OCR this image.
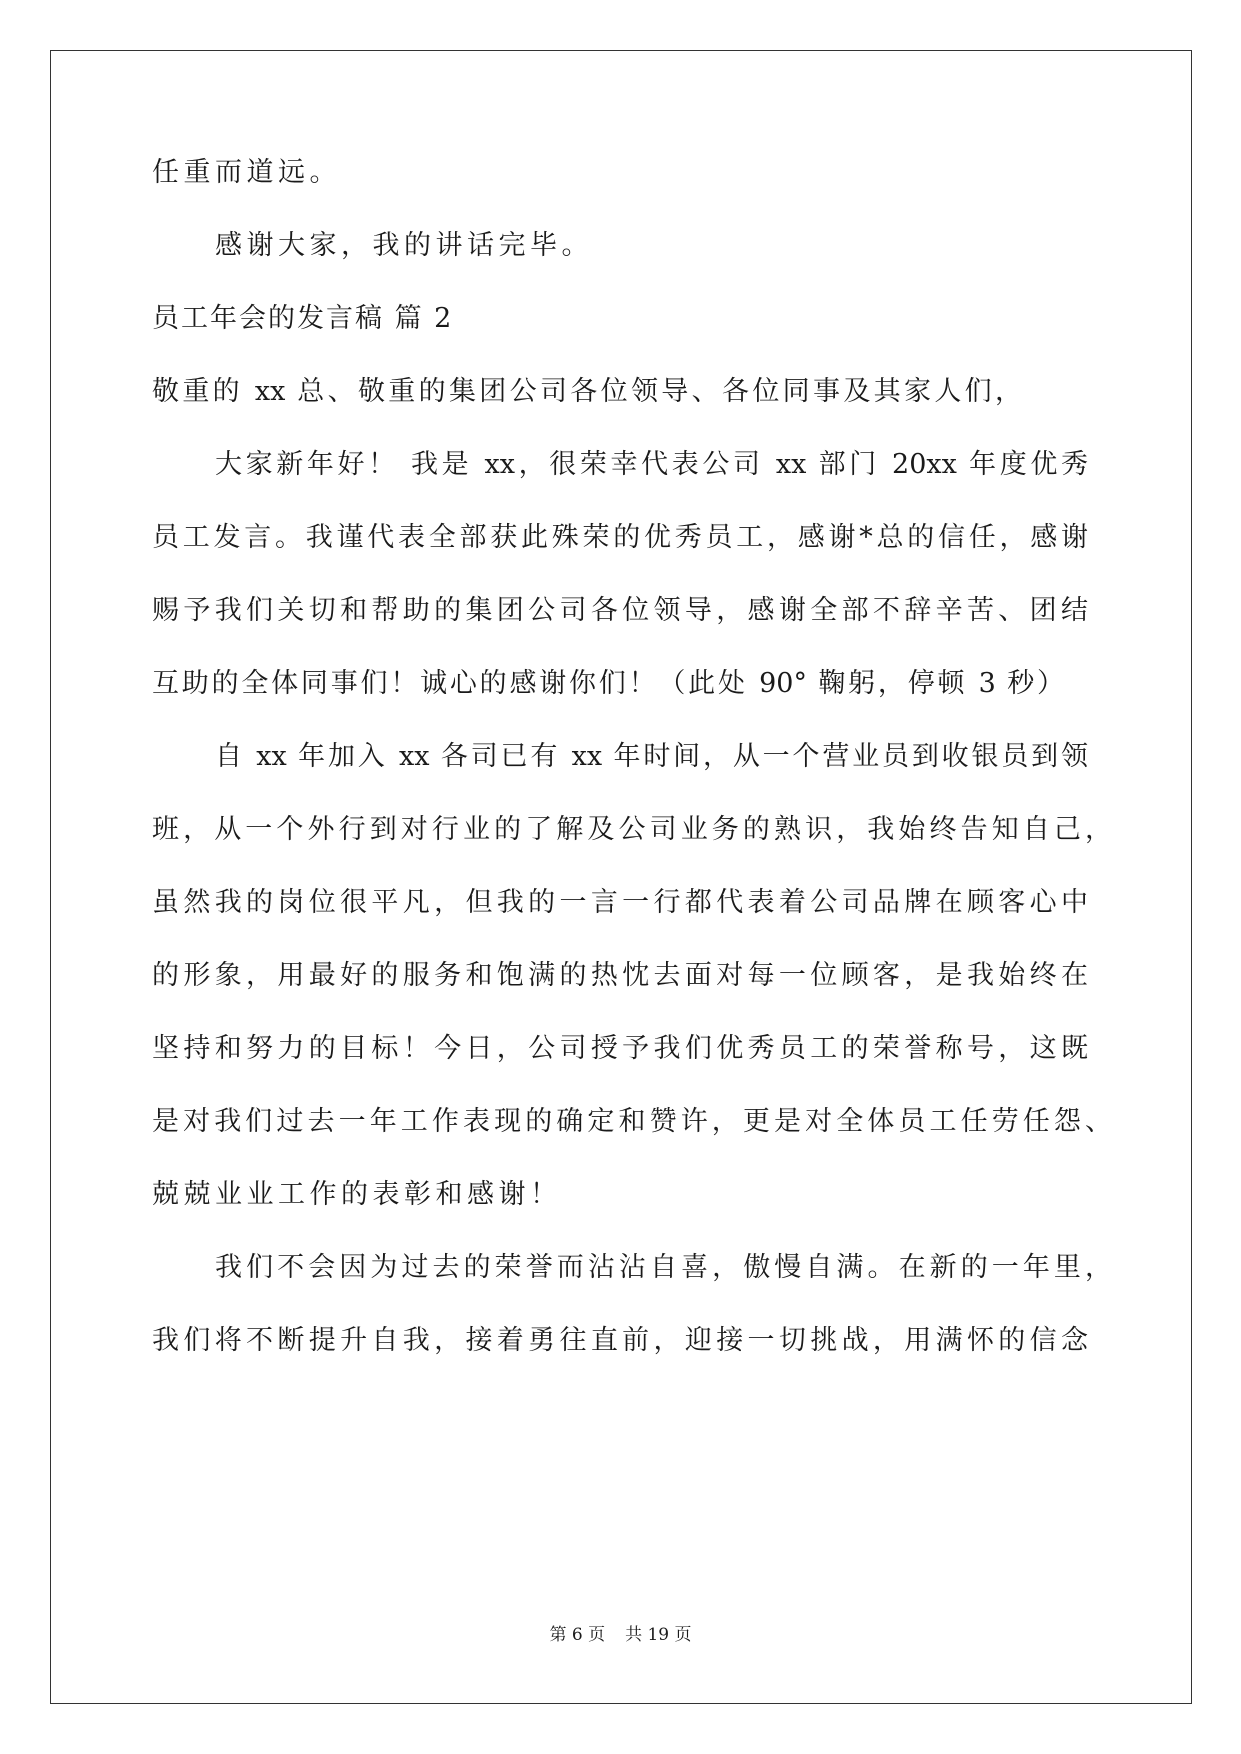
任重而道远。
感谢大家，我的讲话完毕。
员工年会的发言稿 篇 2
敬重的 xx 总、敬重的集团公司各位领导、各位同事及其家人们，
大家新年好！ 我是 xx，很荣幸代表公司 xx 部门 20xx 年度优秀
员工发言。我谨代表全部获此殊荣的优秀员工，感谢*总的信任，感谢
赐予我们关切和帮助的集团公司各位领导，感谢全部不辞辛苦、团结
互助的全体同事们！诚心的感谢你们！（此处 90° 鞠躬，停顿 3 秒）
自 xx 年加入 xx 各司已有 xx 年时间，从一个营业员到收银员到领
班，从一个外行到对行业的了解及公司业务的熟识，我始终告知自己，
虽然我的岗位很平凡，但我的一言一行都代表着公司品牌在顾客心中
的形象，用最好的服务和饱满的热忱去面对每一位顾客，是我始终在
坚持和努力的目标！今日，公司授予我们优秀员工的荣誉称号，这既
是对我们过去一年工作表现的确定和赞许，更是对全体员工任劳任怨、
兢兢业业工作的表彰和感谢！
我们不会因为过去的荣誉而沾沾自喜，傲慢自满。在新的一年里，
我们将不断提升自我，接着勇往直前，迎接一切挑战，用满怀的信念
第 6 页 共 19 页
